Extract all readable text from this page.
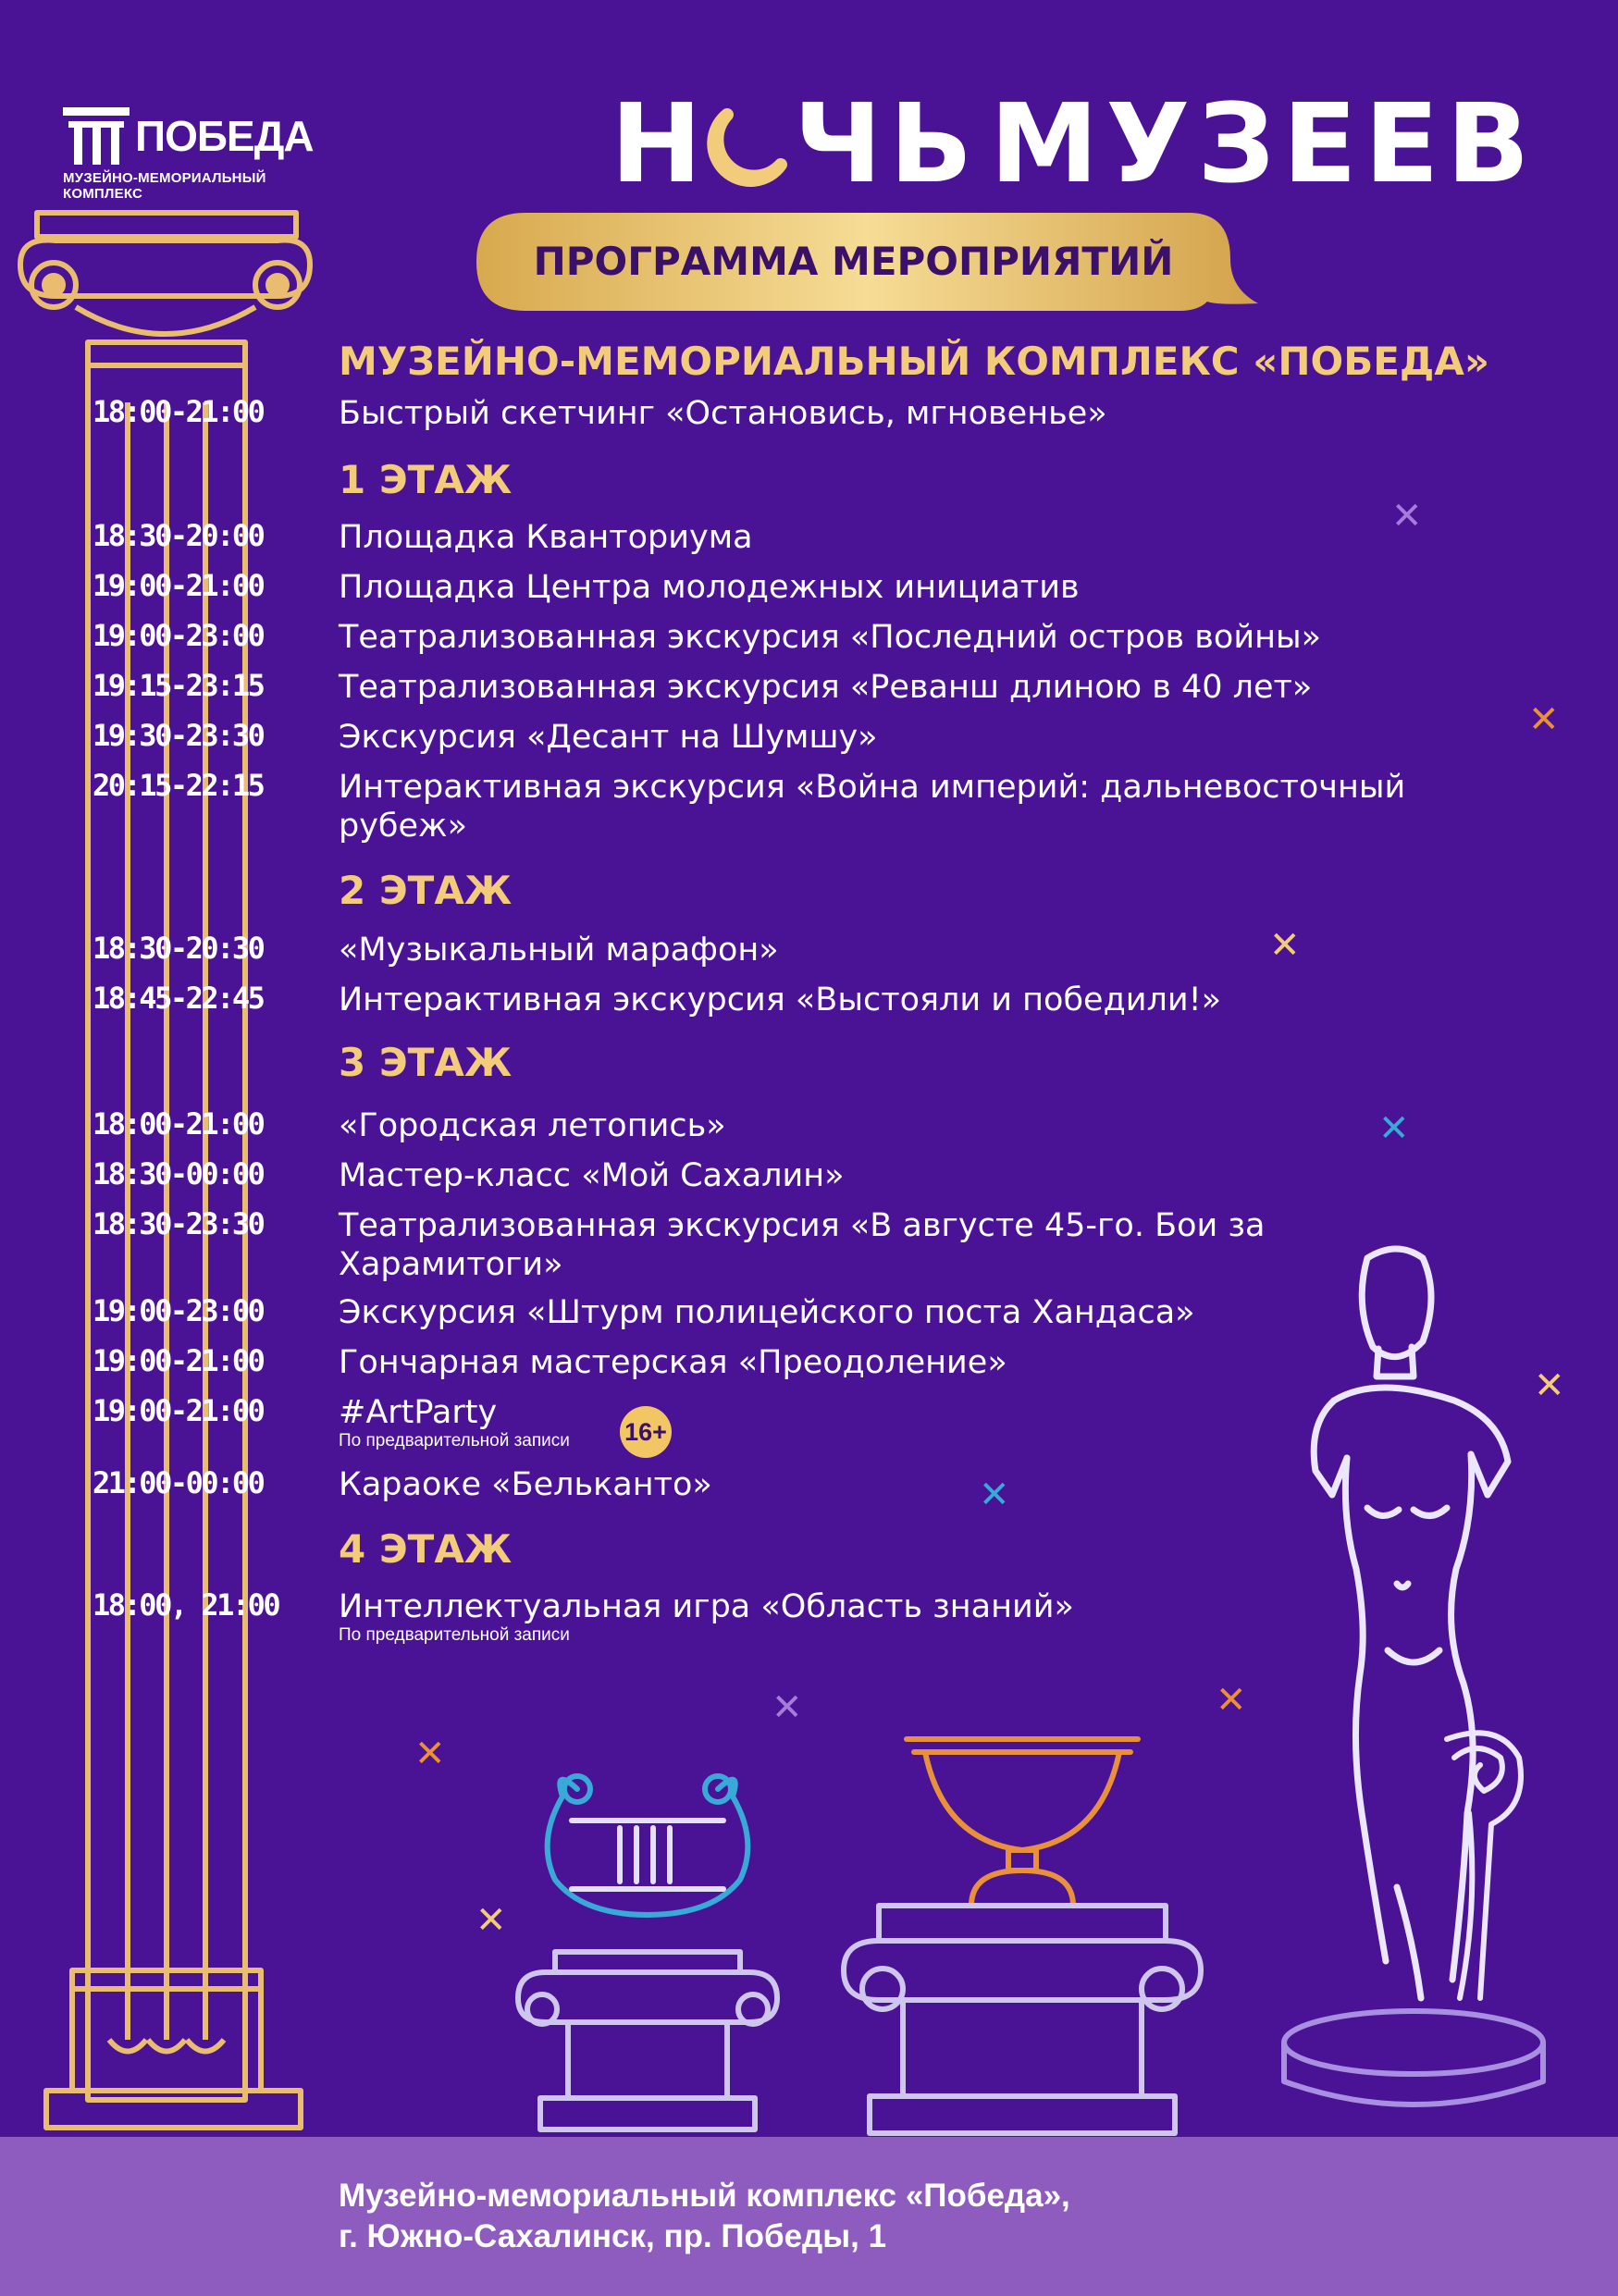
ПОБЕДА
МУЗЕЙНО-МЕМОРИАЛЬНЫЙ
КОМПЛЕКС	Н ЧЬ МУЗЕЕВ
ПРОГРАММА МЕРОПРИЯТИЙ
МУЗЕЙНО-МЕМОРИАЛЬНЫЙ КОМПЛЕКС «ПОБЕДА»
18:00-21:00 Быстрый скетчинг «Остановись, мгновенье»
1 ЭТАЖ
18:30-20:00 Площадка Кванториума
19:00-21:00 Площадка Центра молодежных инициатив
19:00-23:00 Театрализованная экскурсия «Последний остров войны»
19:15-23:15 Театрализованная экскурсия «Реванш длиною в 40 лет»
19:30-23:30 Экскурсия «Десант на Шумшу»
20:15-22:15 Интерактивная экскурсия «Война империй: дальневосточный рубеж»
2 ЭТАЖ
18:30-20:30 «Музыкальный марафон»
18:45-22:45 Интерактивная экскурсия «Выстояли и победили!»
3 ЭТАЖ
18:00-21:00 «Городская летопись»
18:30-00:00 Мастер-класс «Мой Сахалин»
18:30-23:30 Театрализованная экскурсия «В августе 45-го. Бои за Харамитоги»
19:00-23:00 Экскурсия «Штурм полицейского поста Хандаса»
19:00-21:00 Гончарная мастерская «Преодоление»
19:00-21:00 #ArtParty
По предварительной записи	16+
21:00-00:00 Караоке «Бельканто»
4 ЭТАЖ
18:00, 21:00 Интеллектуальная игра «Область знаний»
По предварительной записи
✕
✕
✕
✕
✕
✕
✕	✕
✕
✕
Музейно-мемориальный комплекс «Победа»,
г. Южно-Сахалинск, пр. Победы, 1
